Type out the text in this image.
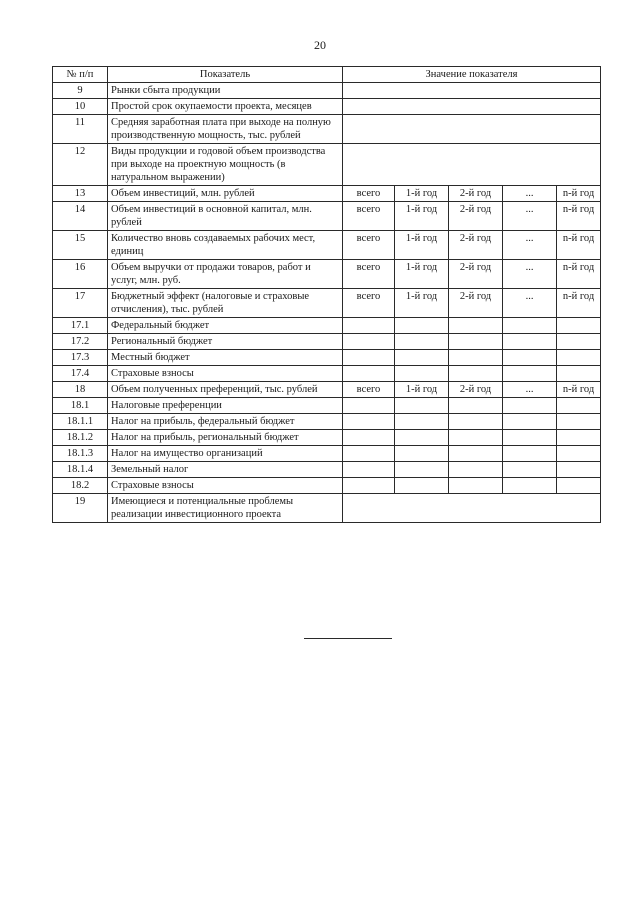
20
№ п/п	Показатель	Значение показателя				
9	Рынки сбыта продукции					
10	Простой срок окупаемости проекта, месяцев					
11	Средняя заработная плата при выходе на полную производственную мощность, тыс. рублей					
12	Виды продукции и годовой объем производства при выходе на проектную мощность (в натуральном выражении)					
13	Объем инвестиций, млн. рублей	всего	1-й год	2-й год	...	n-й год
14	Объем инвестиций в основной капитал, млн. рублей	всего	1-й год	2-й год	...	n-й год
15	Количество вновь создаваемых рабочих мест, единиц	всего	1-й год	2-й год	...	n-й год
16	Объем выручки от продажи товаров, работ и услуг, млн. руб.	всего	1-й год	2-й год	...	n-й год
17	Бюджетный эффект (налоговые и страховые отчисления), тыс. рублей	всего	1-й год	2-й год	...	n-й год
17.1	Федеральный бюджет					
17.2	Региональный бюджет					
17.3	Местный бюджет					
17.4	Страховые взносы					
18	Объем полученных преференций, тыс. рублей	всего	1-й год	2-й год	...	n-й год
18.1	Налоговые преференции					
18.1.1	Налог на прибыль, федеральный бюджет					
18.1.2	Налог на прибыль, региональный бюджет					
18.1.3	Налог на имущество организаций					
18.1.4	Земельный налог					
18.2	Страховые взносы					
19	Имеющиеся и потенциальные проблемы реализации инвестиционного проекта					
